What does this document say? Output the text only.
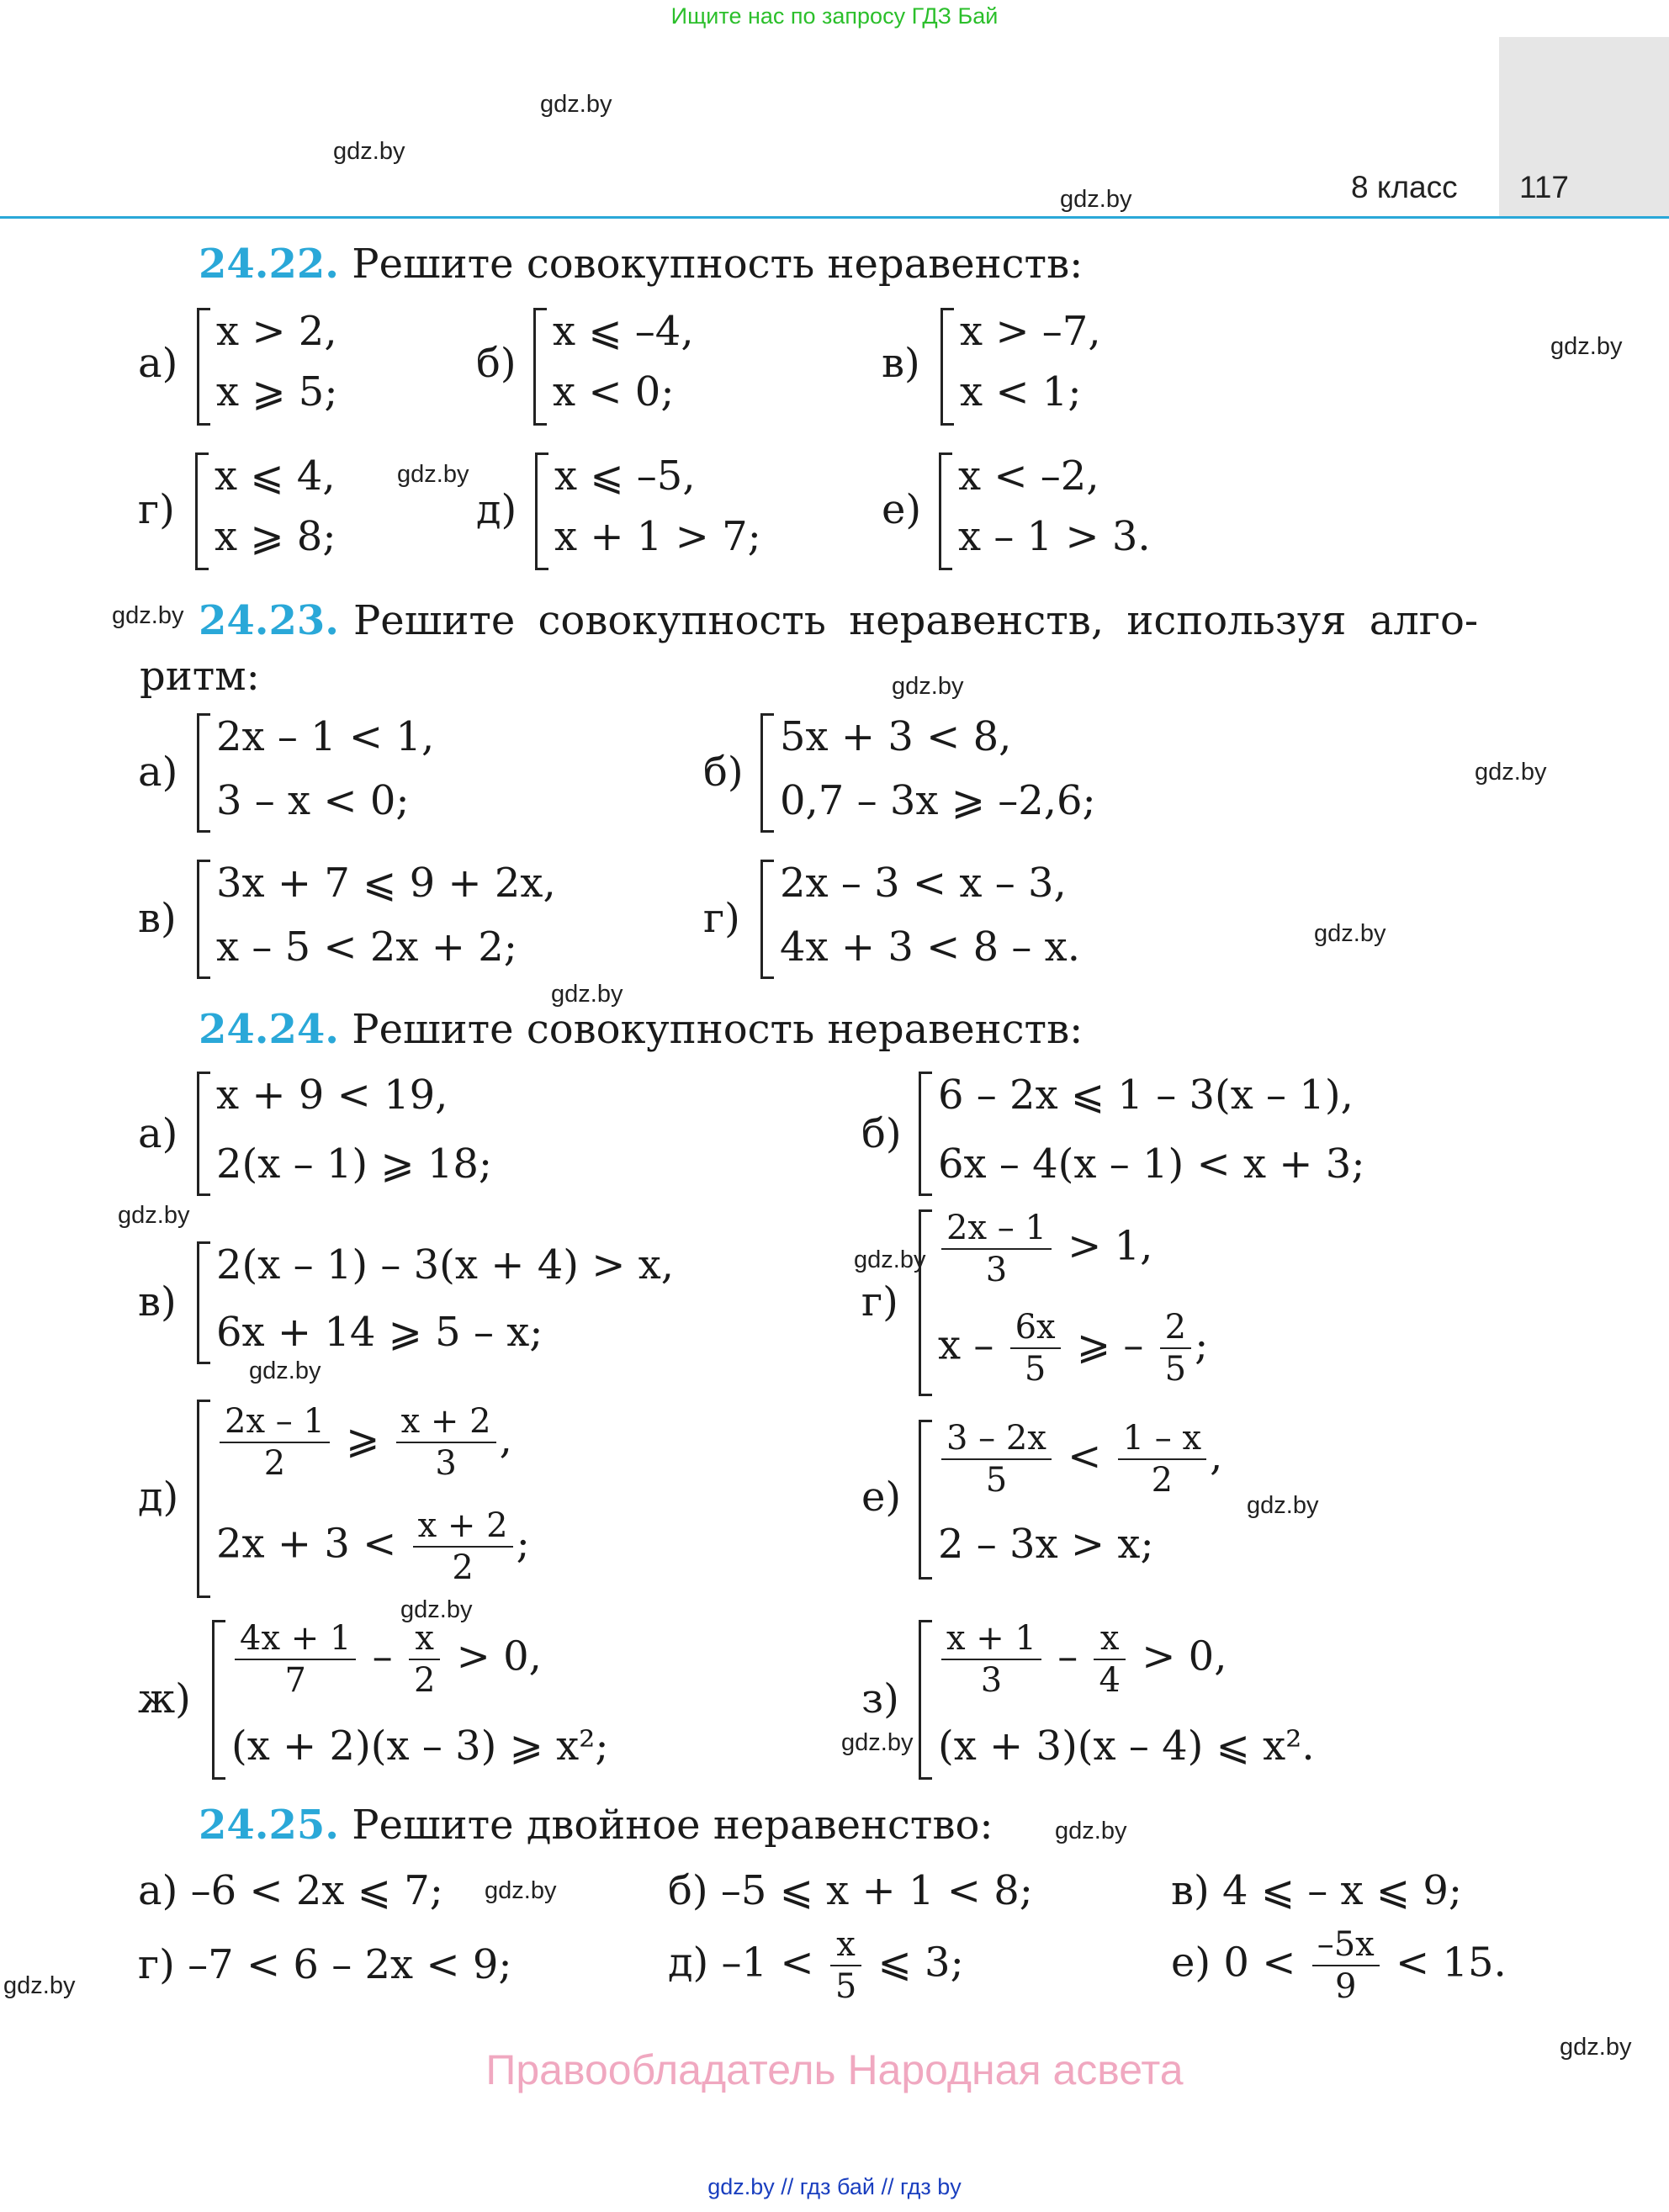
Ищите нас по запросу ГДЗ Бай
8 класс 117
gdz.by
gdz.by
gdz.by
gdz.by
gdz.by
gdz.by
gdz.by
gdz.by
gdz.by
gdz.by
gdz.by
gdz.by
gdz.by
gdz.by
gdz.by
gdz.by
gdz.by
gdz.by
gdz.by
gdz.by
24.22. Решите совокупность неравенств:
а)
x > 2,
x ⩾ 5;
б)
x ⩽ –4,
x < 0;
в)
x > –7,
x < 1;
г)
x ⩽ 4,
x ⩾ 8;
д)
x ⩽ –5,
x + 1 > 7;
е)
x < –2,
x – 1 > 3.
24.23. Решите совокупность неравенств, используя алго-
ритм:
а)
2x – 1 < 1,
3 – x < 0;
б)
5x + 3 < 8,
0,7 – 3x ⩾ –2,6;
в)
3x + 7 ⩽ 9 + 2x,
x – 5 < 2x + 2;
г)
2x – 3 < x – 3,
4x + 3 < 8 – x.
24.24. Решите совокупность неравенств:
а)
x + 9 < 19,
2(x – 1) ⩾ 18;
б)
6 – 2x ⩽ 1 – 3(x – 1),
6x – 4(x – 1) < x + 3;
в)
2(x – 1) – 3(x + 4) > x,
6x + 14 ⩾ 5 – x;
г)
$\frac{2x - 1}{3} > 1$,
x – $\frac{6x}{5}$ ⩾ – $\frac{2}{5}$ ;
д)
$\frac{2x - 1}{2}$ ⩾ $\frac{x + 2}{3}$ ,
$2x + 3 < \frac{x + 2}{2}$ ;
$е) \frac{3 - 2x}{5} < \frac{1 - x}{2}$ ,
2 – 3x > x;
$ж) \frac{4x + 1}{7} - \frac{x}{2} > 0$,
(x + 2)(x – 3) ⩾ x²;
$з) \frac{x + 1}{3} - \frac{x}{4} > 0$,
(x + 3)(x – 4) ⩽ x².
24.25. Решите двойное неравенство:
а) –6 < 2x ⩽ 7;	б) –5 ⩽ x + 1 < 8;	в) 4 ⩽ – x ⩽ 9;
г) –7 < 6 – 2x < 9;	д) $-1 < \frac{x}{5}$ ⩽ 3;	е) $0 < \frac{-5x}{9} < 15$.
Правообладатель Народная асвета
gdz.by // гдз бай // гдз by
